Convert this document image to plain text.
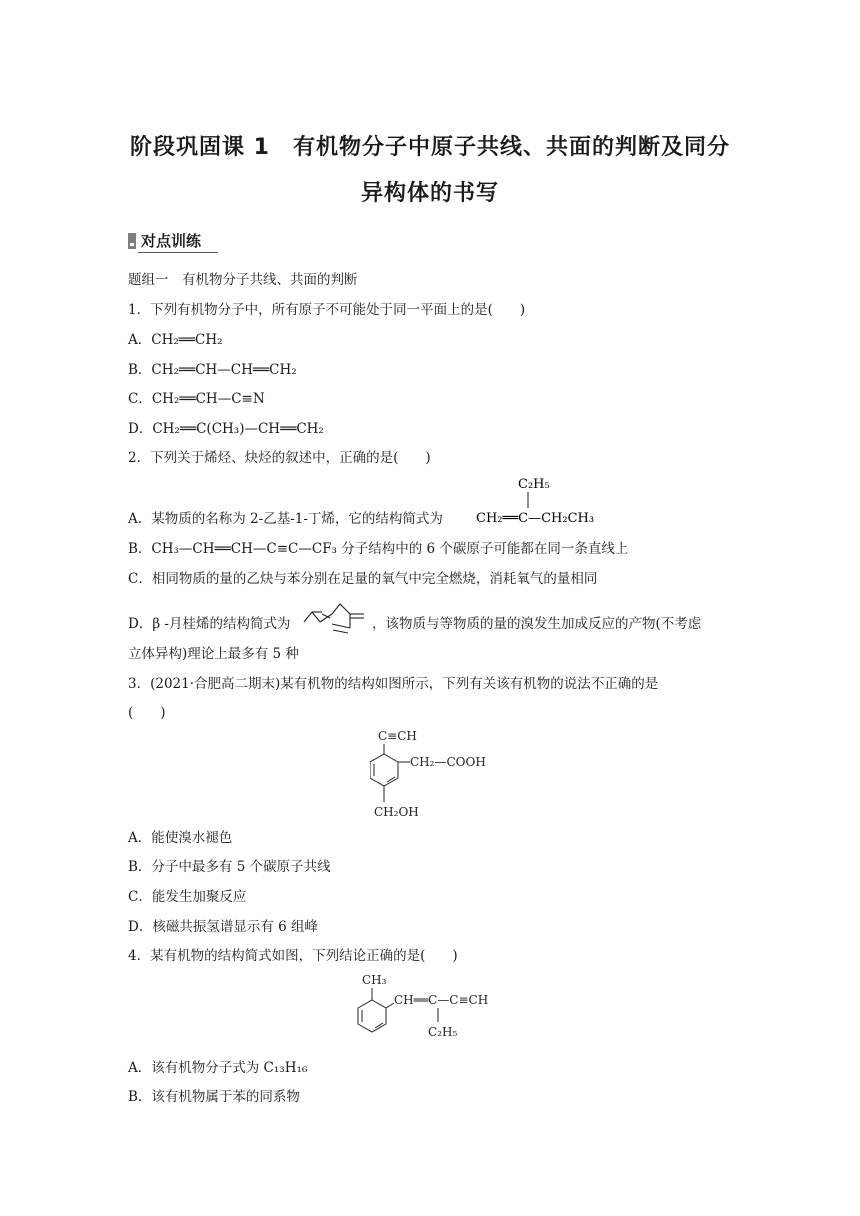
阶段巩固课 1　有机物分子中原子共线、共面的判断及同分
异构体的书写
对点训练
题组一　有机物分子共线、共面的判断
1．下列有机物分子中，所有原子不可能处于同一平面上的是(　　)
A．CH₂══CH₂
B．CH₂══CH—CH══CH₂
C．CH₂══CH—C≡N
D．CH₂══C(CH₃)—CH══CH₂
2．下列关于烯烃、炔烃的叙述中，正确的是(　　)
A．某物质的名称为 2-乙基-1-丁烯，它的结构简式为
C₂H₅
CH₂══C—CH₂CH₃
B．CH₃—CH══CH—C≡C—CF₃ 分子结构中的 6 个碳原子可能都在同一条直线上
C．相同物质的量的乙炔与苯分别在足量的氧气中完全燃烧，消耗氧气的量相同
D．β -月桂烯的结构简式为	，该物质与等物质的量的溴发生加成反应的产物(不考虑
立体异构)理论上最多有 5 种
3．(2021·合肥高二期末)某有机物的结构如图所示，下列有关该有机物的说法不正确的是
(　　)
C≡CH
CH₂—COOH
CH₂OH
A．能使溴水褪色
B．分子中最多有 5 个碳原子共线
C．能发生加聚反应
D．核磁共振氢谱显示有 6 组峰
4．某有机物的结构简式如图，下列结论正确的是(　　)
CH₃
CH══C—C≡CH
C₂H₅
A．该有机物分子式为 C₁₃H₁₆
B．该有机物属于苯的同系物
